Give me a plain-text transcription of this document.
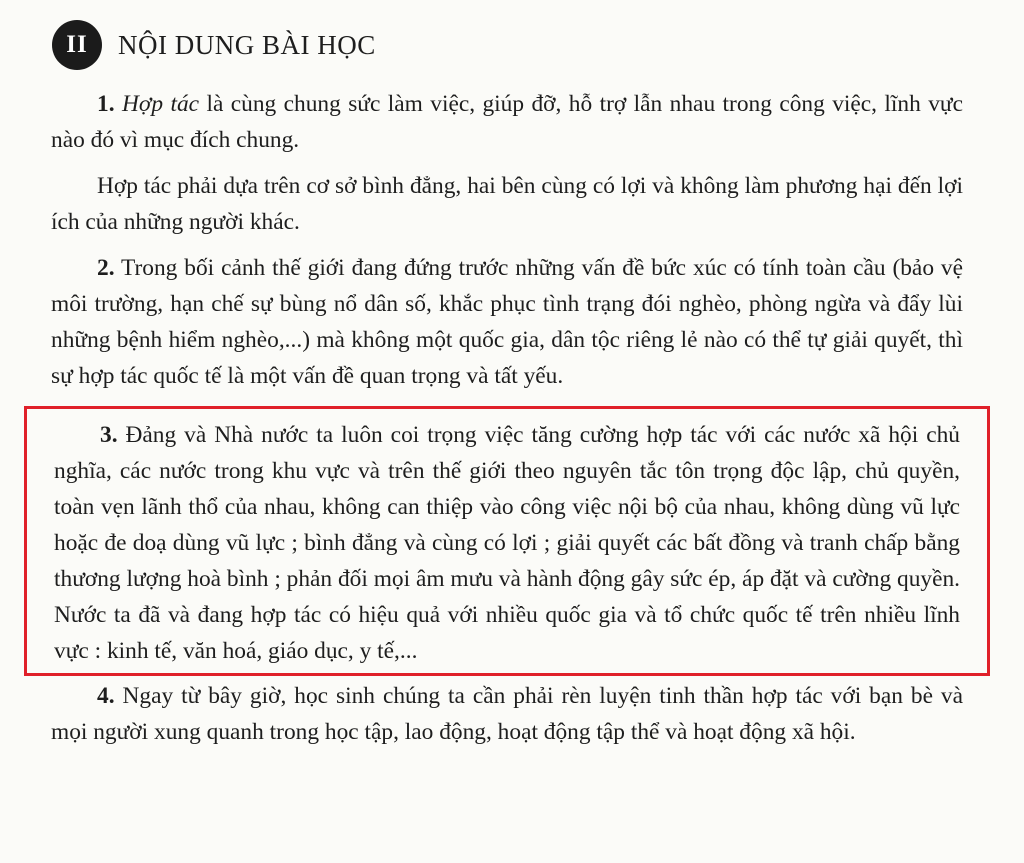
II	NỘI DUNG BÀI HỌC

1. Hợp tác là cùng chung sức làm việc, giúp đỡ, hỗ trợ lẫn nhau trong công việc, lĩnh vực nào đó vì mục đích chung.

Hợp tác phải dựa trên cơ sở bình đẳng, hai bên cùng có lợi và không làm phương hại đến lợi ích của những người khác.

2. Trong bối cảnh thế giới đang đứng trước những vấn đề bức xúc có tính toàn cầu (bảo vệ môi trường, hạn chế sự bùng nổ dân số, khắc phục tình trạng đói nghèo, phòng ngừa và đẩy lùi những bệnh hiểm nghèo,...) mà không một quốc gia, dân tộc riêng lẻ nào có thể tự giải quyết, thì sự hợp tác quốc tế là một vấn đề quan trọng và tất yếu.

3. Đảng và Nhà nước ta luôn coi trọng việc tăng cường hợp tác với các nước xã hội chủ nghĩa, các nước trong khu vực và trên thế giới theo nguyên tắc tôn trọng độc lập, chủ quyền, toàn vẹn lãnh thổ của nhau, không can thiệp vào công việc nội bộ của nhau, không dùng vũ lực hoặc đe doạ dùng vũ lực ; bình đẳng và cùng có lợi ; giải quyết các bất đồng và tranh chấp bằng thương lượng hoà bình ; phản đối mọi âm mưu và hành động gây sức ép, áp đặt và cường quyền. Nước ta đã và đang hợp tác có hiệu quả với nhiều quốc gia và tổ chức quốc tế trên nhiều lĩnh vực : kinh tế, văn hoá, giáo dục, y tế,...

4. Ngay từ bây giờ, học sinh chúng ta cần phải rèn luyện tinh thần hợp tác với bạn bè và mọi người xung quanh trong học tập, lao động, hoạt động tập thể và hoạt động xã hội.
